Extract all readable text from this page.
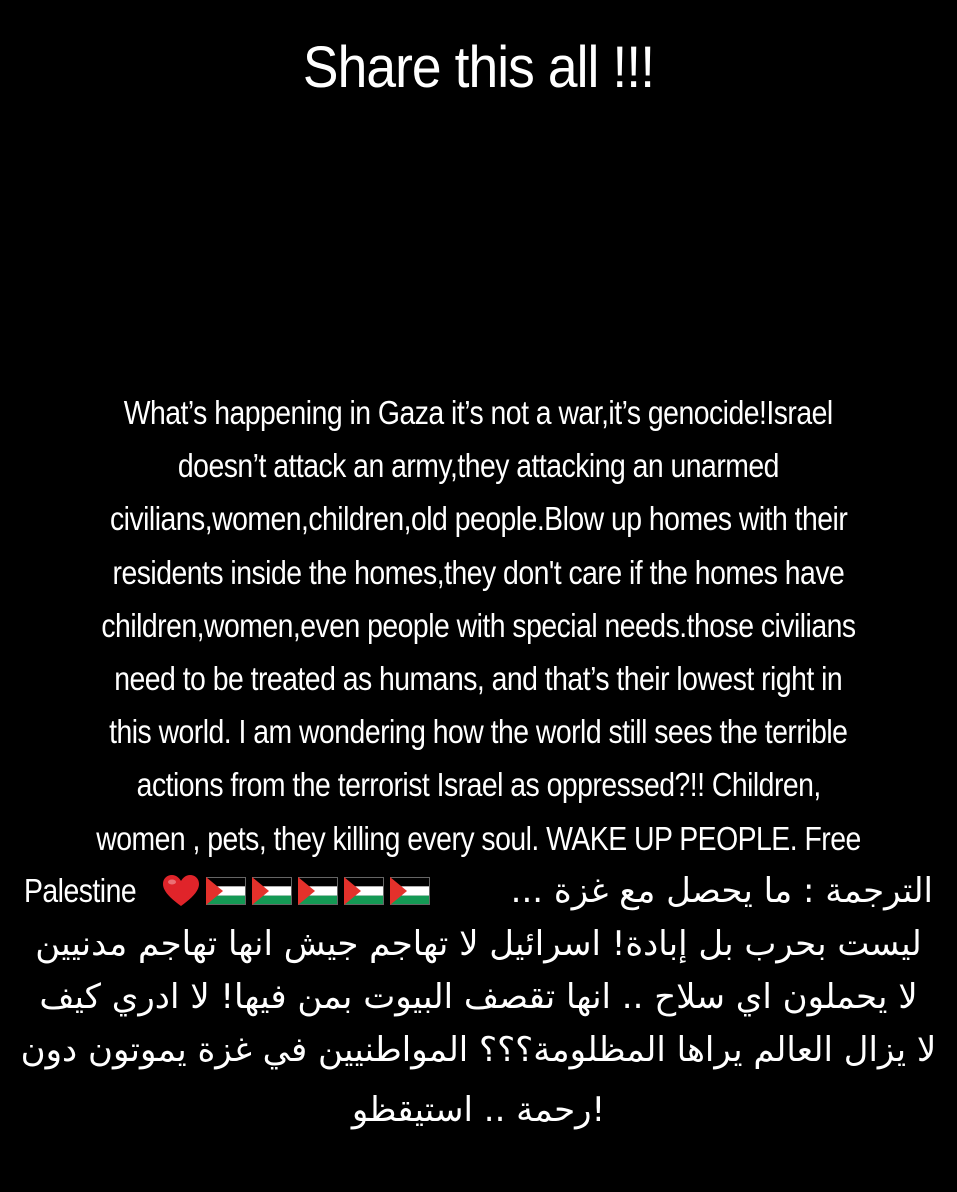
Share this all !!!
What’s happening in Gaza it’s not a war,it’s genocide!Israel
doesn’t attack an army,they attacking an unarmed
civilians,women,children,old people.Blow up homes with their
residents inside the homes,they don't care if the homes have
children,women,even people with special needs.those civilians
need to be treated as humans, and that’s their lowest right in
this world. I am wondering how the world still sees the terrible
actions from the terrorist Israel as oppressed?!! Children,
women , pets, they killing every soul. WAKE UP PEOPLE. Free
Palestine	الترجمة : ما يحصل مع غزة ...
ليست بحرب بل إبادة! اسرائيل لا تهاجم جيش انها تهاجم مدنيين
لا يحملون اي سلاح .. انها تقصف البيوت بمن فيها! لا ادري كيف
لا يزال العالم يراها المظلومة؟؟؟ المواطنيين في غزة يموتون دون
!رحمة .. استيقظو
